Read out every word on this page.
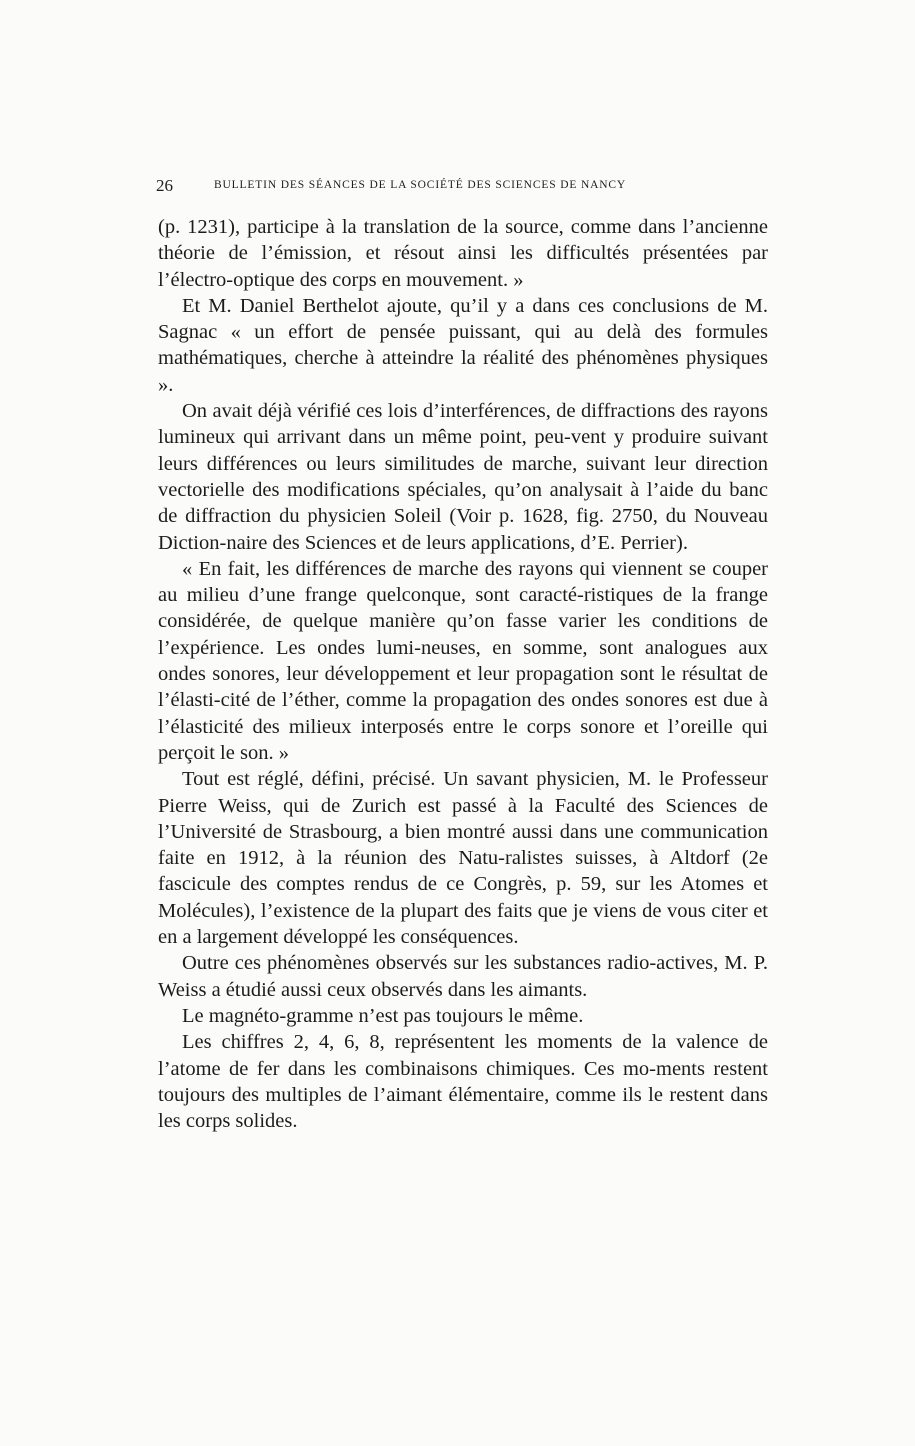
26	BULLETIN DES SÉANCES DE LA SOCIÉTÉ DES SCIENCES DE NANCY

(p. 1231), participe à la translation de la source, comme dans l’ancienne théorie de l’émission, et résout ainsi les difficultés présentées par l’électro-optique des corps en mouvement. »

Et M. Daniel Berthelot ajoute, qu’il y a dans ces conclusions de M. Sagnac « un effort de pensée puissant, qui au delà des formules mathématiques, cherche à atteindre la réalité des phénomènes physiques ».

On avait déjà vérifié ces lois d’interférences, de diffractions des rayons lumineux qui arrivant dans un même point, peu-vent y produire suivant leurs différences ou leurs similitudes de marche, suivant leur direction vectorielle des modifications spéciales, qu’on analysait à l’aide du banc de diffraction du physicien Soleil (Voir p. 1628, fig. 2750, du Nouveau Diction-naire des Sciences et de leurs applications, d’E. Perrier).

« En fait, les différences de marche des rayons qui viennent se couper au milieu d’une frange quelconque, sont caracté-ristiques de la frange considérée, de quelque manière qu’on fasse varier les conditions de l’expérience. Les ondes lumi-neuses, en somme, sont analogues aux ondes sonores, leur développement et leur propagation sont le résultat de l’élasti-cité de l’éther, comme la propagation des ondes sonores est due à l’élasticité des milieux interposés entre le corps sonore et l’oreille qui perçoit le son. »

Tout est réglé, défini, précisé. Un savant physicien, M. le Professeur Pierre Weiss, qui de Zurich est passé à la Faculté des Sciences de l’Université de Strasbourg, a bien montré aussi dans une communication faite en 1912, à la réunion des Natu-ralistes suisses, à Altdorf (2e fascicule des comptes rendus de ce Congrès, p. 59, sur les Atomes et Molécules), l’existence de la plupart des faits que je viens de vous citer et en a largement développé les conséquences.

Outre ces phénomènes observés sur les substances radio-actives, M. P. Weiss a étudié aussi ceux observés dans les aimants.

Le magnéto-gramme n’est pas toujours le même.

Les chiffres 2, 4, 6, 8, représentent les moments de la valence de l’atome de fer dans les combinaisons chimiques. Ces mo-ments restent toujours des multiples de l’aimant élémentaire, comme ils le restent dans les corps solides.
